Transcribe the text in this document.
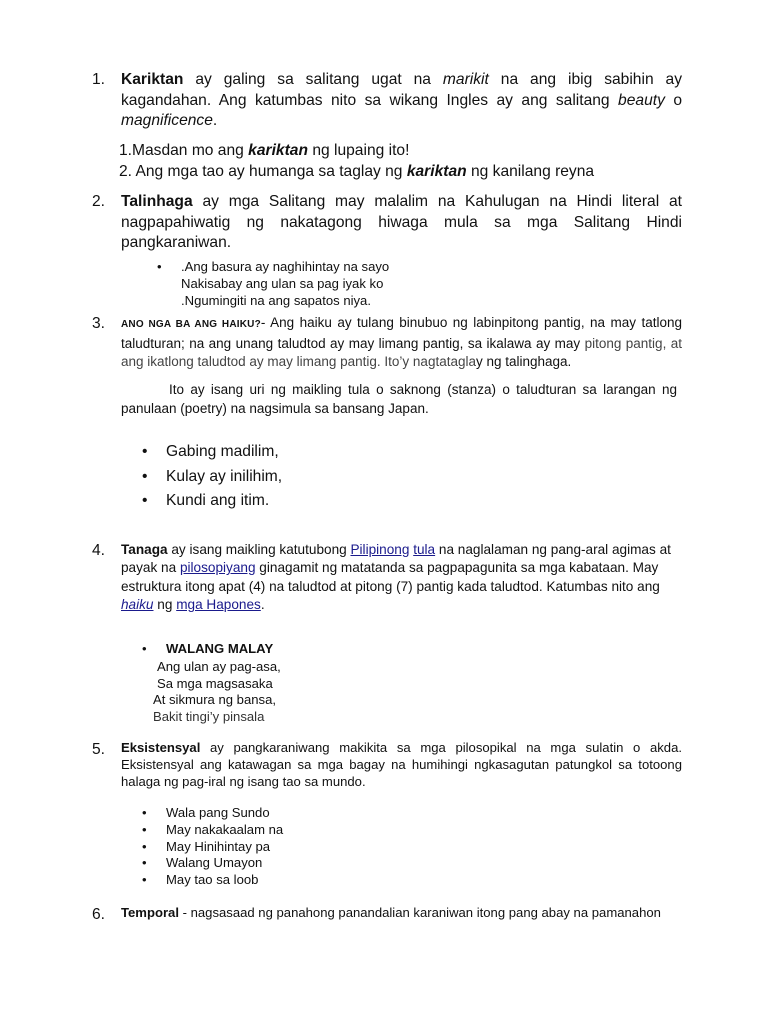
1. Kariktan ay galing sa salitang ugat na marikit na ang ibig sabihin ay kagandahan. Ang katumbas nito sa wikang Ingles ay ang salitang beauty o magnificence.
1.Masdan mo ang kariktan ng lupaing ito!
2. Ang mga tao ay humanga sa taglay ng kariktan ng kanilang reyna
2. Talinhaga ay mga Salitang may malalim na Kahulugan na Hindi literal at nagpapahiwatig ng nakatagong hiwaga mula sa mga Salitang Hindi pangkaraniwan.
• .Ang basura ay naghihintay na sayo
Nakisabay ang ulan sa pag iyak ko
.Ngumingiti na ang sapatos niya.
3. ANO NGA BA ANG HAIKU?- Ang haiku ay tulang binubuo ng labinpitong pantig, na may tatlong taludturan; na ang unang taludtod ay may limang pantig, sa ikalawa ay may pitong pantig, at ang ikatlong taludtod ay may limang pantig. Ito’y nagtataglay ng talinghaga.
Ito ay isang uri ng maikling tula o saknong (stanza) o taludturan sa larangan ng panulaan (poetry) na nagsimula sa bansang Japan.
• Gabing madilim,
• Kulay ay inilihim,
• Kundi ang itim.
4. Tanaga ay isang maikling katutubong Pilipinong tula na naglalaman ng pang-aral agimas at payak na pilosopiyang ginagamit ng matatanda sa pagpapagunita sa mga kabataan. May estruktura itong apat (4) na taludtod at pitong (7) pantig kada taludtod. Katumbas nito ang haiku ng mga Hapones.
• WALANG MALAY
Ang ulan ay pag-asa,
Sa mga magsasaka
At sikmura ng bansa,
Bakit tingi’y pinsala
5. Eksistensyal ay pangkaraniwang makikita sa mga pilosopikal na mga sulatin o akda. Eksistensyal ang katawagan sa mga bagay na humihingi ngkasagutan patungkol sa totoong halaga ng pag-iral ng isang tao sa mundo.
• Wala pang Sundo
• May nakakaalam na
• May Hinihintay pa
• Walang Umayon
• May tao sa loob
6. Temporal - nagsasaad ng panahong panandalian karaniwan itong pang abay na pamanahon
